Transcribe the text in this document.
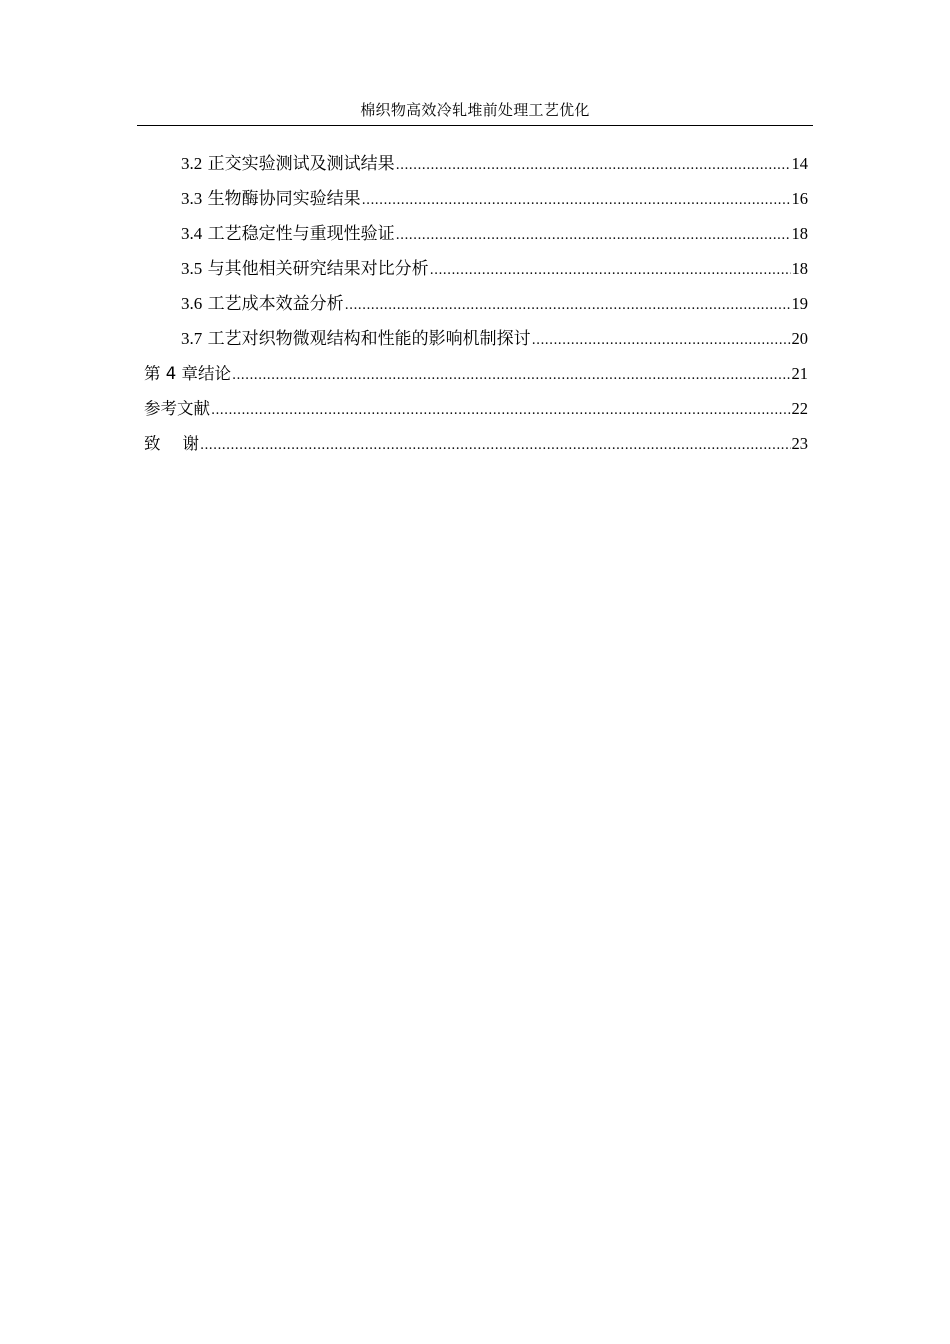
棉织物高效冷轧堆前处理工艺优化
3.2 正交实验测试及测试结果 .....	14
3.3 生物酶协同实验结果 .....	16
3.4 工艺稳定性与重现性验证 .....	18
3.5 与其他相关研究结果对比分析 .....	18
3.6 工艺成本效益分析 .....	19
3.7 工艺对织物微观结构和性能的影响机制探讨 .....	20
第 4 章结论 .....	21
参考文献 .....	22
致 谢 .....	23
